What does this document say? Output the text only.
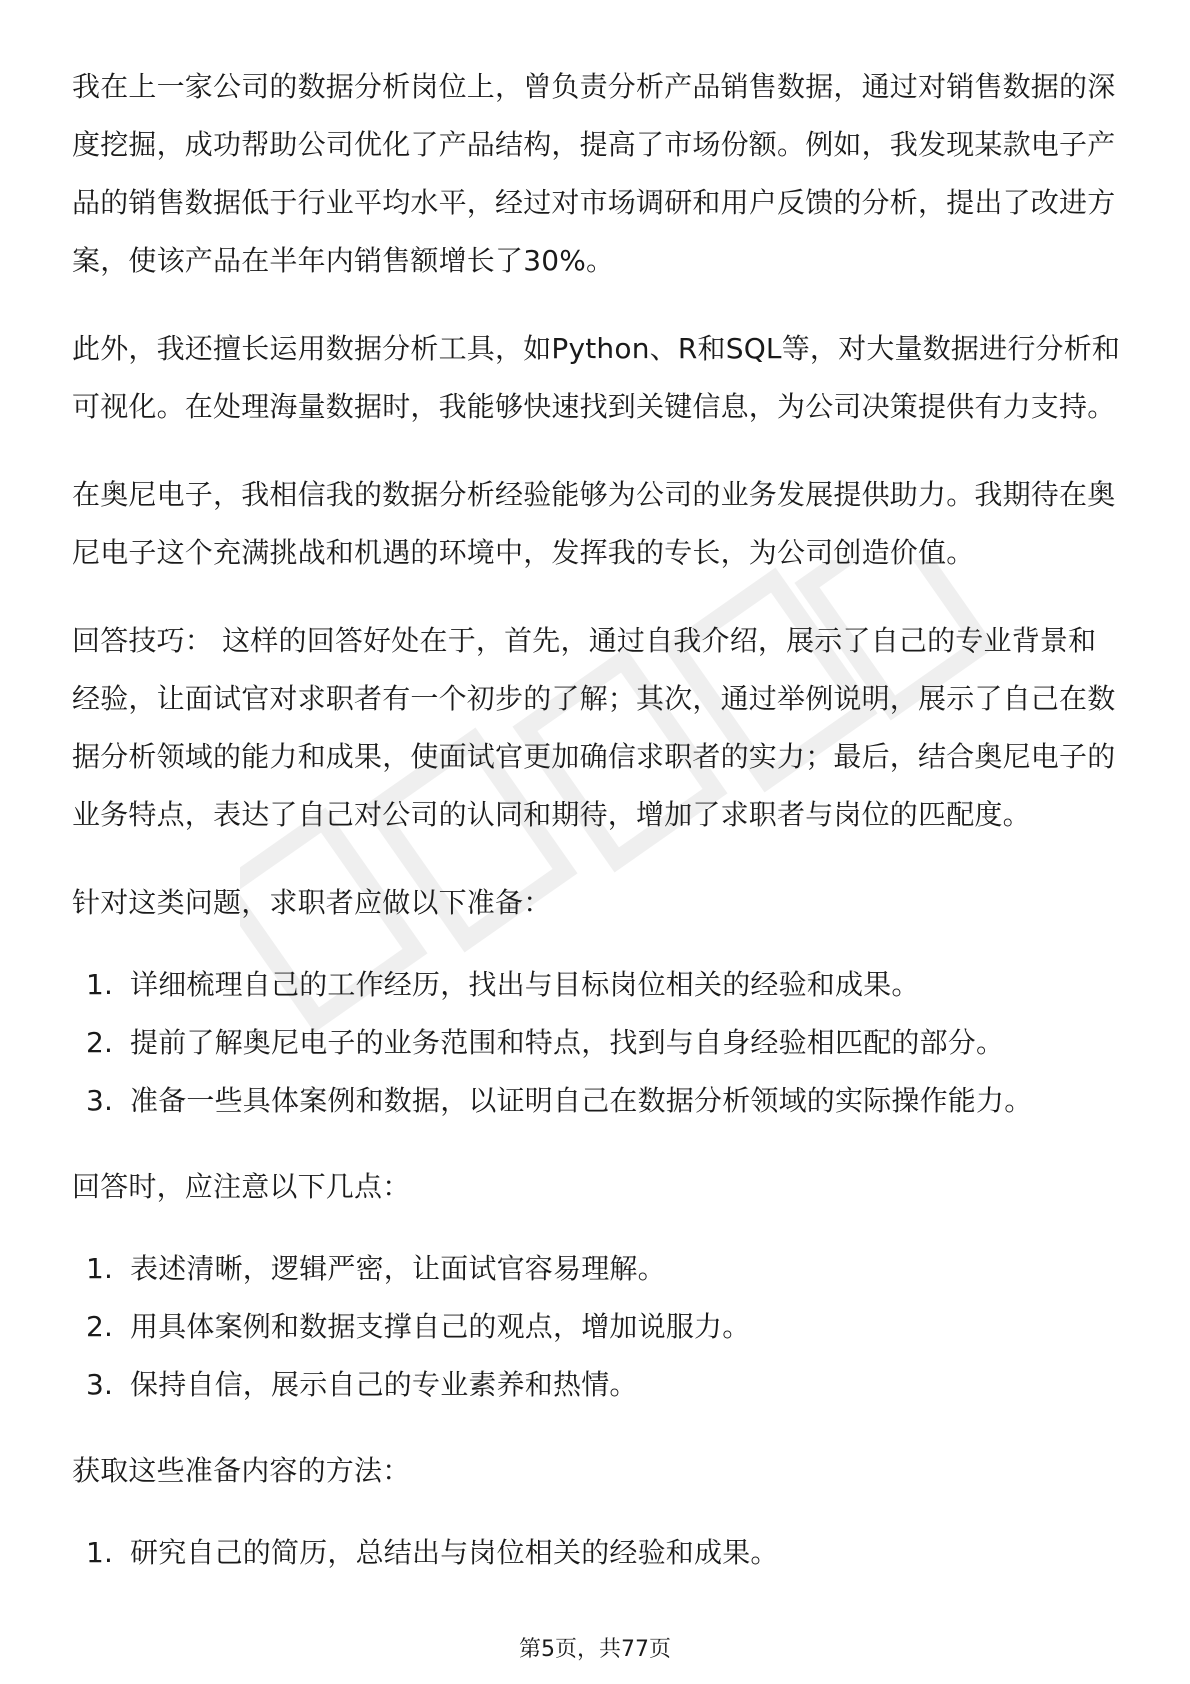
我在上一家公司的数据分析岗位上，曾负责分析产品销售数据，通过对销售数据的深度挖掘，成功帮助公司优化了产品结构，提高了市场份额。例如，我发现某款电子产品的销售数据低于行业平均水平，经过对市场调研和用户反馈的分析，提出了改进方案，使该产品在半年内销售额增长了30%。

此外，我还擅长运用数据分析工具，如Python、R和SQL等，对大量数据进行分析和可视化。在处理海量数据时，我能够快速找到关键信息，为公司决策提供有力支持。

在奥尼电子，我相信我的数据分析经验能够为公司的业务发展提供助力。我期待在奥尼电子这个充满挑战和机遇的环境中，发挥我的专长，为公司创造价值。

回答技巧： 这样的回答好处在于，首先，通过自我介绍，展示了自己的专业背景和经验，让面试官对求职者有一个初步的了解；其次，通过举例说明，展示了自己在数据分析领域的能力和成果，使面试官更加确信求职者的实力；最后，结合奥尼电子的业务特点，表达了自己对公司的认同和期待，增加了求职者与岗位的匹配度。

针对这类问题，求职者应做以下准备：

1. 详细梳理自己的工作经历，找出与目标岗位相关的经验和成果。
2. 提前了解奥尼电子的业务范围和特点，找到与自身经验相匹配的部分。
3. 准备一些具体案例和数据，以证明自己在数据分析领域的实际操作能力。

回答时，应注意以下几点：

1. 表述清晰，逻辑严密，让面试官容易理解。
2. 用具体案例和数据支撑自己的观点，增加说服力。
3. 保持自信，展示自己的专业素养和热情。

获取这些准备内容的方法：

1. 研究自己的简历，总结出与岗位相关的经验和成果。
第5页，共77页
